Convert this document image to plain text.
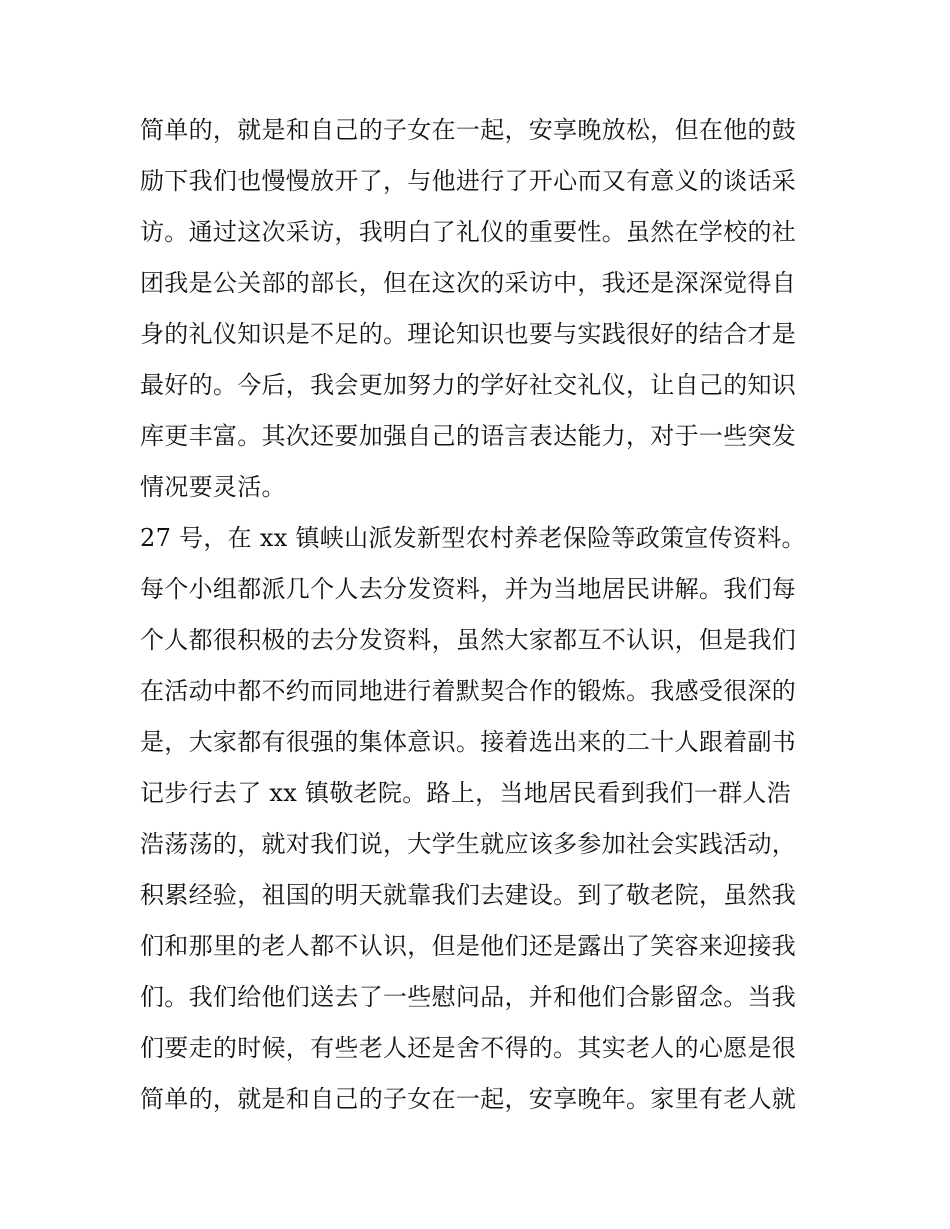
简单的，就是和自己的子女在一起，安享晚放松，但在他的鼓
励下我们也慢慢放开了，与他进行了开心而又有意义的谈话采
访。通过这次采访，我明白了礼仪的重要性。虽然在学校的社
团我是公关部的部长，但在这次的采访中，我还是深深觉得自
身的礼仪知识是不足的。理论知识也要与实践很好的结合才是
最好的。今后，我会更加努力的学好社交礼仪，让自己的知识
库更丰富。其次还要加强自己的语言表达能力，对于一些突发
情况要灵活。
27 号，在 xx 镇峡山派发新型农村养老保险等政策宣传资料。
每个小组都派几个人去分发资料，并为当地居民讲解。我们每
个人都很积极的去分发资料，虽然大家都互不认识，但是我们
在活动中都不约而同地进行着默契合作的锻炼。我感受很深的
是，大家都有很强的集体意识。接着选出来的二十人跟着副书
记步行去了 xx 镇敬老院。路上，当地居民看到我们一群人浩
浩荡荡的，就对我们说，大学生就应该多参加社会实践活动，
积累经验，祖国的明天就靠我们去建设。到了敬老院，虽然我
们和那里的老人都不认识，但是他们还是露出了笑容来迎接我
们。我们给他们送去了一些慰问品，并和他们合影留念。当我
们要走的时候，有些老人还是舍不得的。其实老人的心愿是很
简单的，就是和自己的子女在一起，安享晚年。家里有老人就
